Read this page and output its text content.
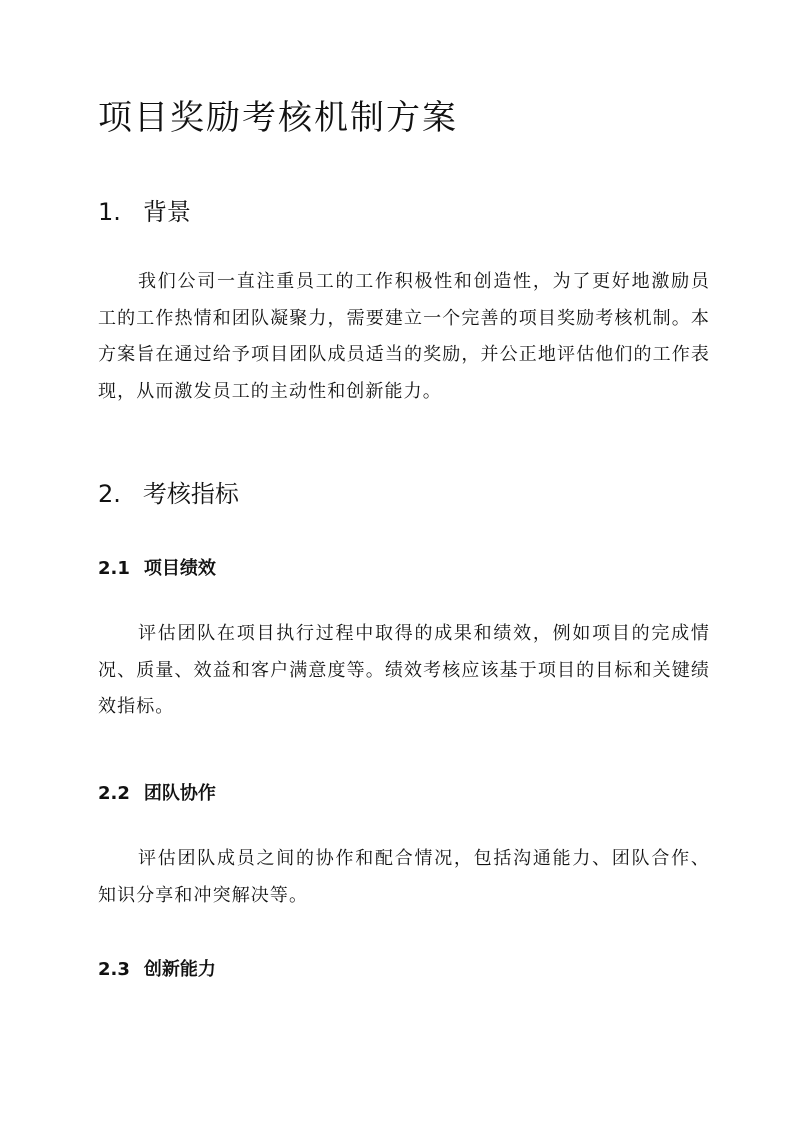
项目奖励考核机制方案
1. 背景

我们公司一直注重员工的工作积极性和创造性，为了更好地激励员工的工作热情和团队凝聚力，需要建立一个完善的项目奖励考核机制。本方案旨在通过给予项目团队成员适当的奖励，并公正地评估他们的工作表现，从而激发员工的主动性和创新能力。

2. 考核指标
2.1 项目绩效

评估团队在项目执行过程中取得的成果和绩效，例如项目的完成情况、质量、效益和客户满意度等。绩效考核应该基于项目的目标和关键绩效指标。

2.2 团队协作

评估团队成员之间的协作和配合情况，包括沟通能力、团队合作、知识分享和冲突解决等。

2.3 创新能力
